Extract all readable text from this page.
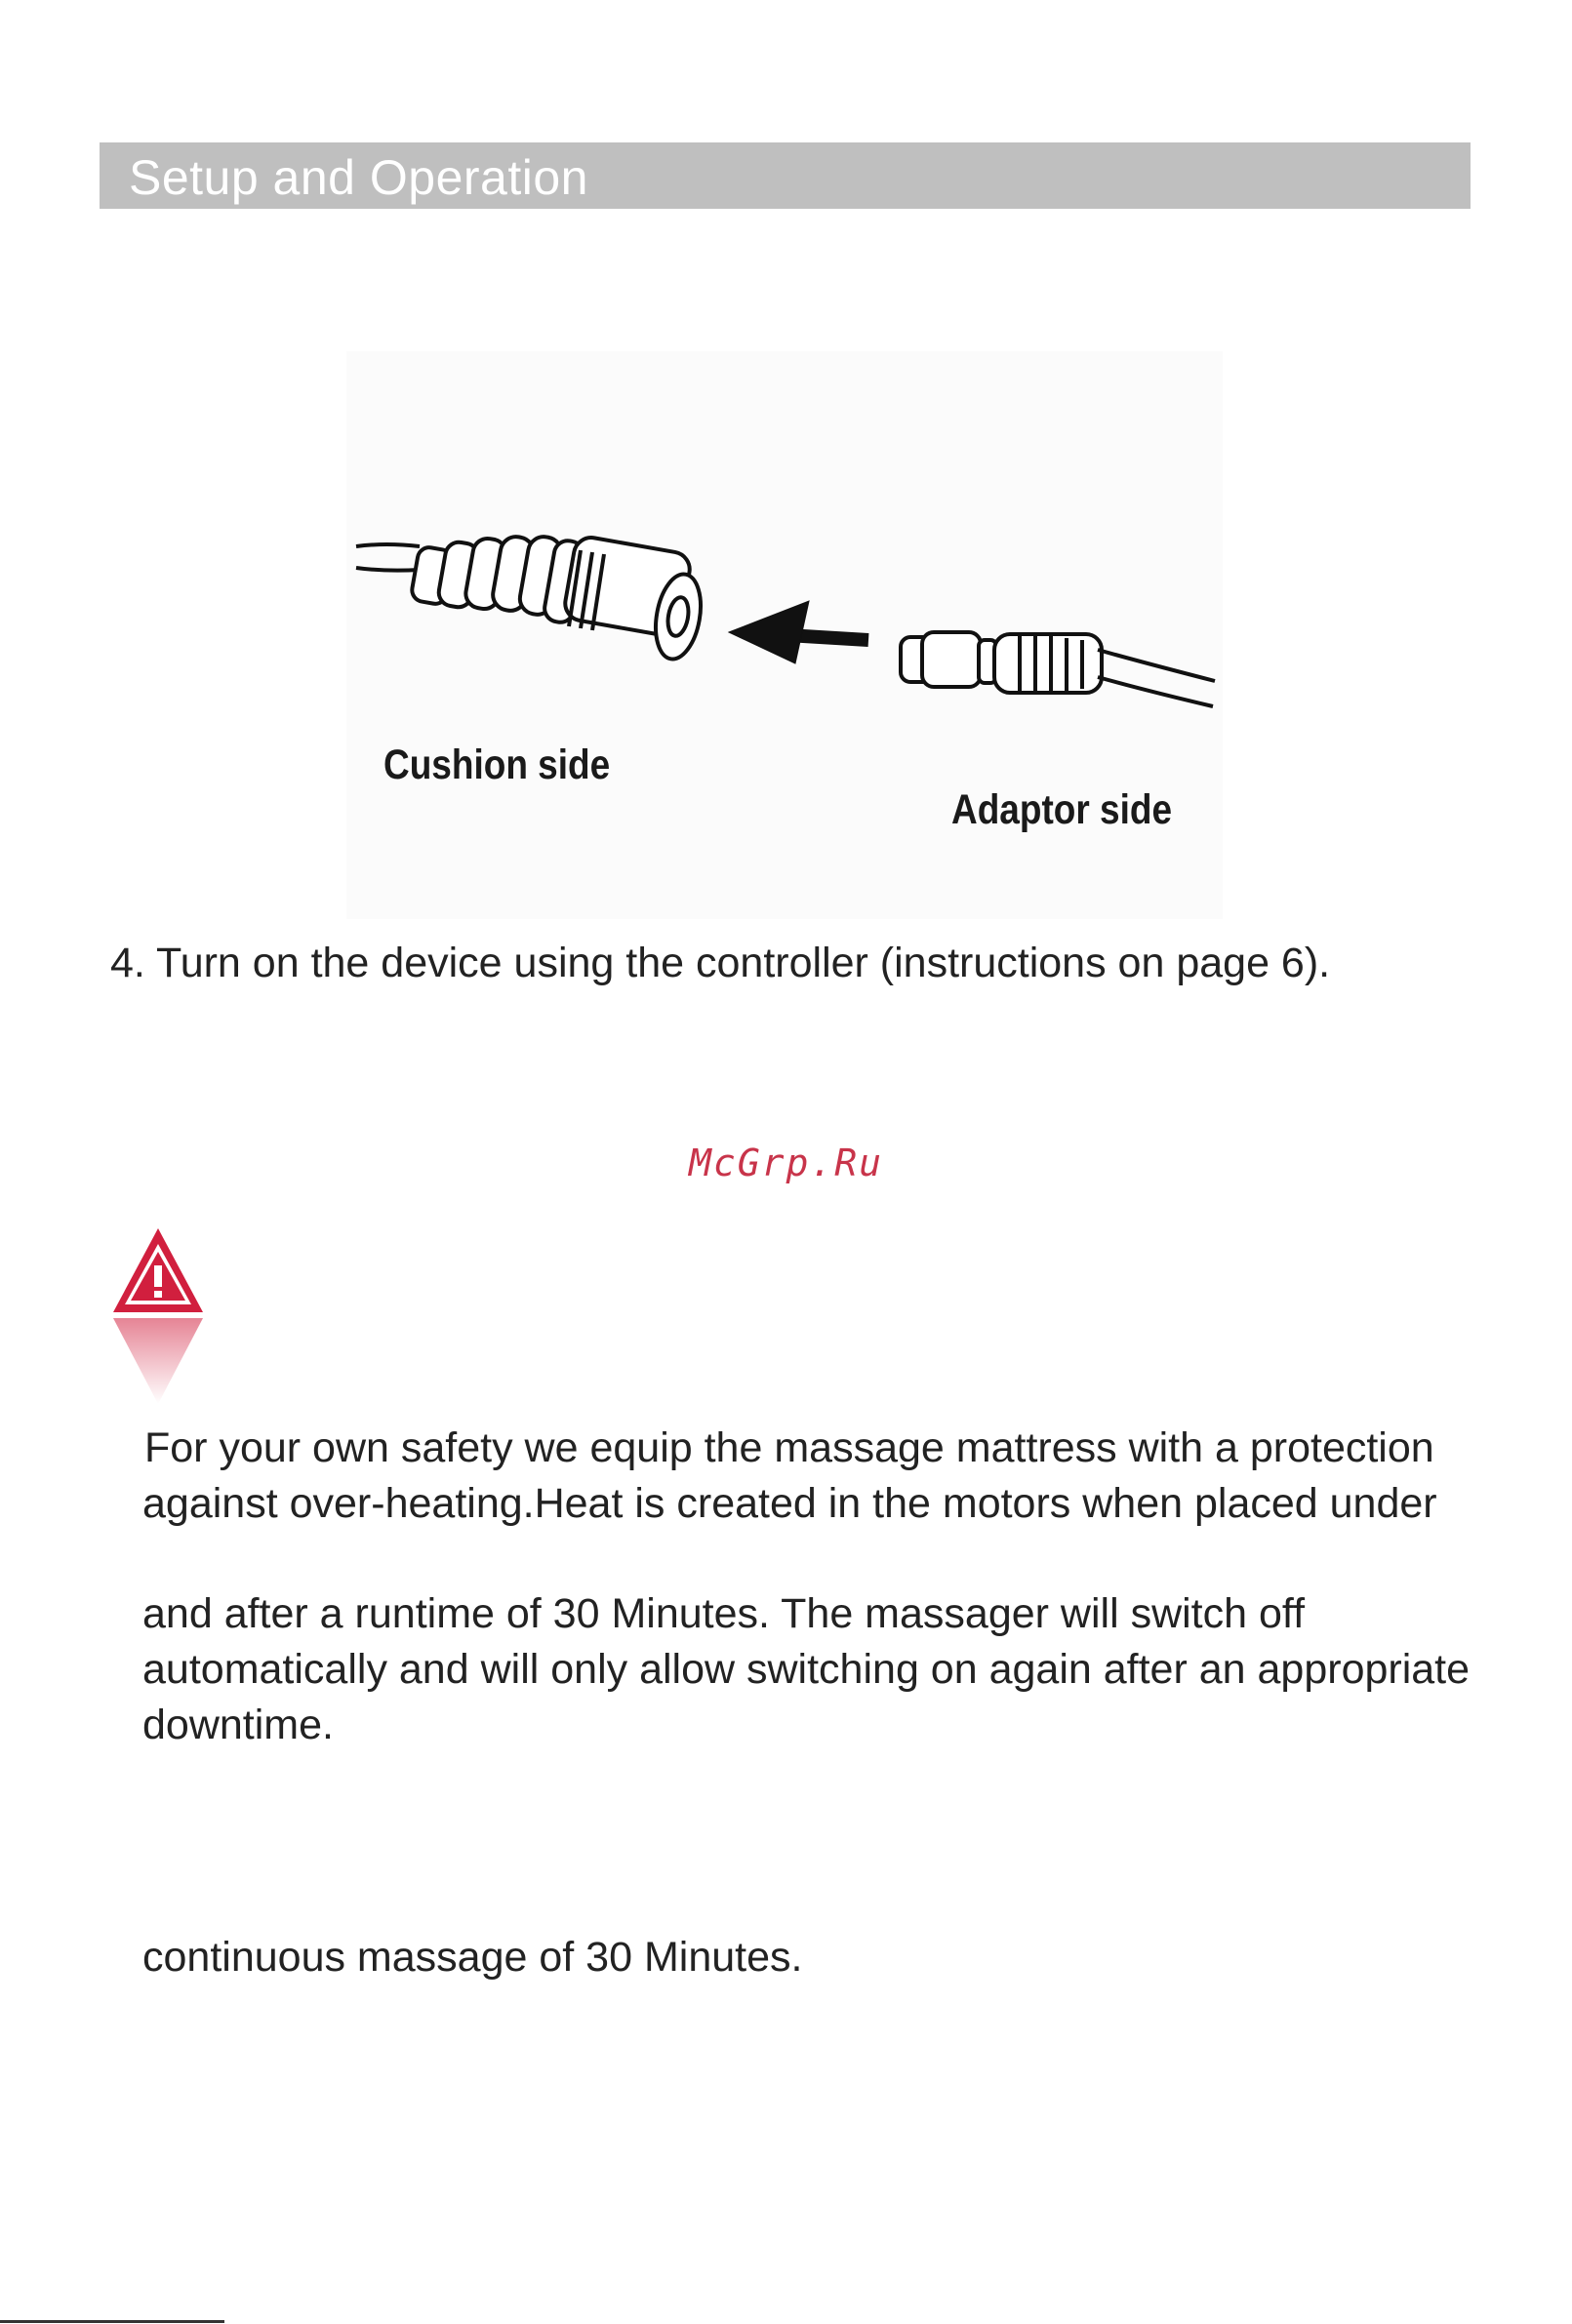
Setup and Operation
Cushion side
Adaptor side
4. Turn on the device using the controller (instructions on page 6).
McGrp.Ru
For your own safety we equip the massage mattress with a protection
against over-heating.Heat is created in the motors when placed under
and after a runtime of 30 Minutes. The massager will switch off
automatically and will only allow switching on again after an appropriate
downtime.
continuous massage of 30 Minutes.
